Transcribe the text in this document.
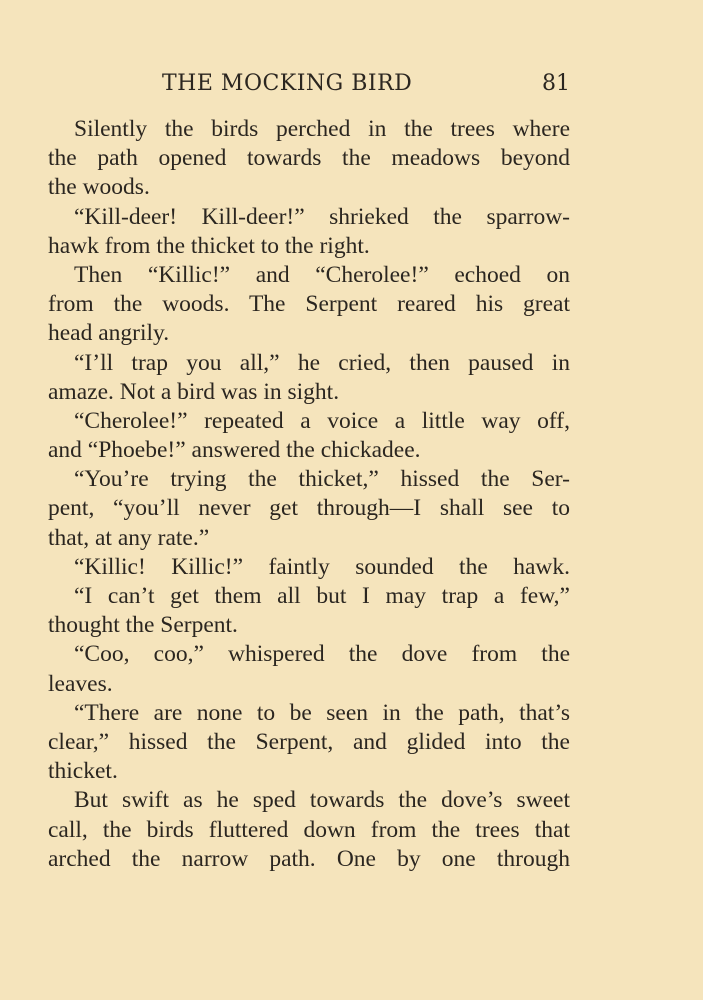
THE MOCKING BIRD	81
Silently the birds perched in the trees where
the path opened towards the meadows beyond
the woods.
“Kill-deer! Kill-deer!” shrieked the sparrow-
hawk from the thicket to the right.
Then “Killic!” and “Cherolee!” echoed on
from the woods. The Serpent reared his great
head angrily.
“I’ll trap you all,” he cried, then paused in
amaze. Not a bird was in sight.
“Cherolee!” repeated a voice a little way off,
and “Phoebe!” answered the chickadee.
“You’re trying the thicket,” hissed the Ser-
pent, “you’ll never get through—I shall see to
that, at any rate.”
“Killic! Killic!” faintly sounded the hawk.
“I can’t get them all but I may trap a few,”
thought the Serpent.
“Coo, coo,” whispered the dove from the
leaves.
“There are none to be seen in the path, that’s
clear,” hissed the Serpent, and glided into the
thicket.
But swift as he sped towards the dove’s sweet
call, the birds fluttered down from the trees that
arched the narrow path. One by one through
